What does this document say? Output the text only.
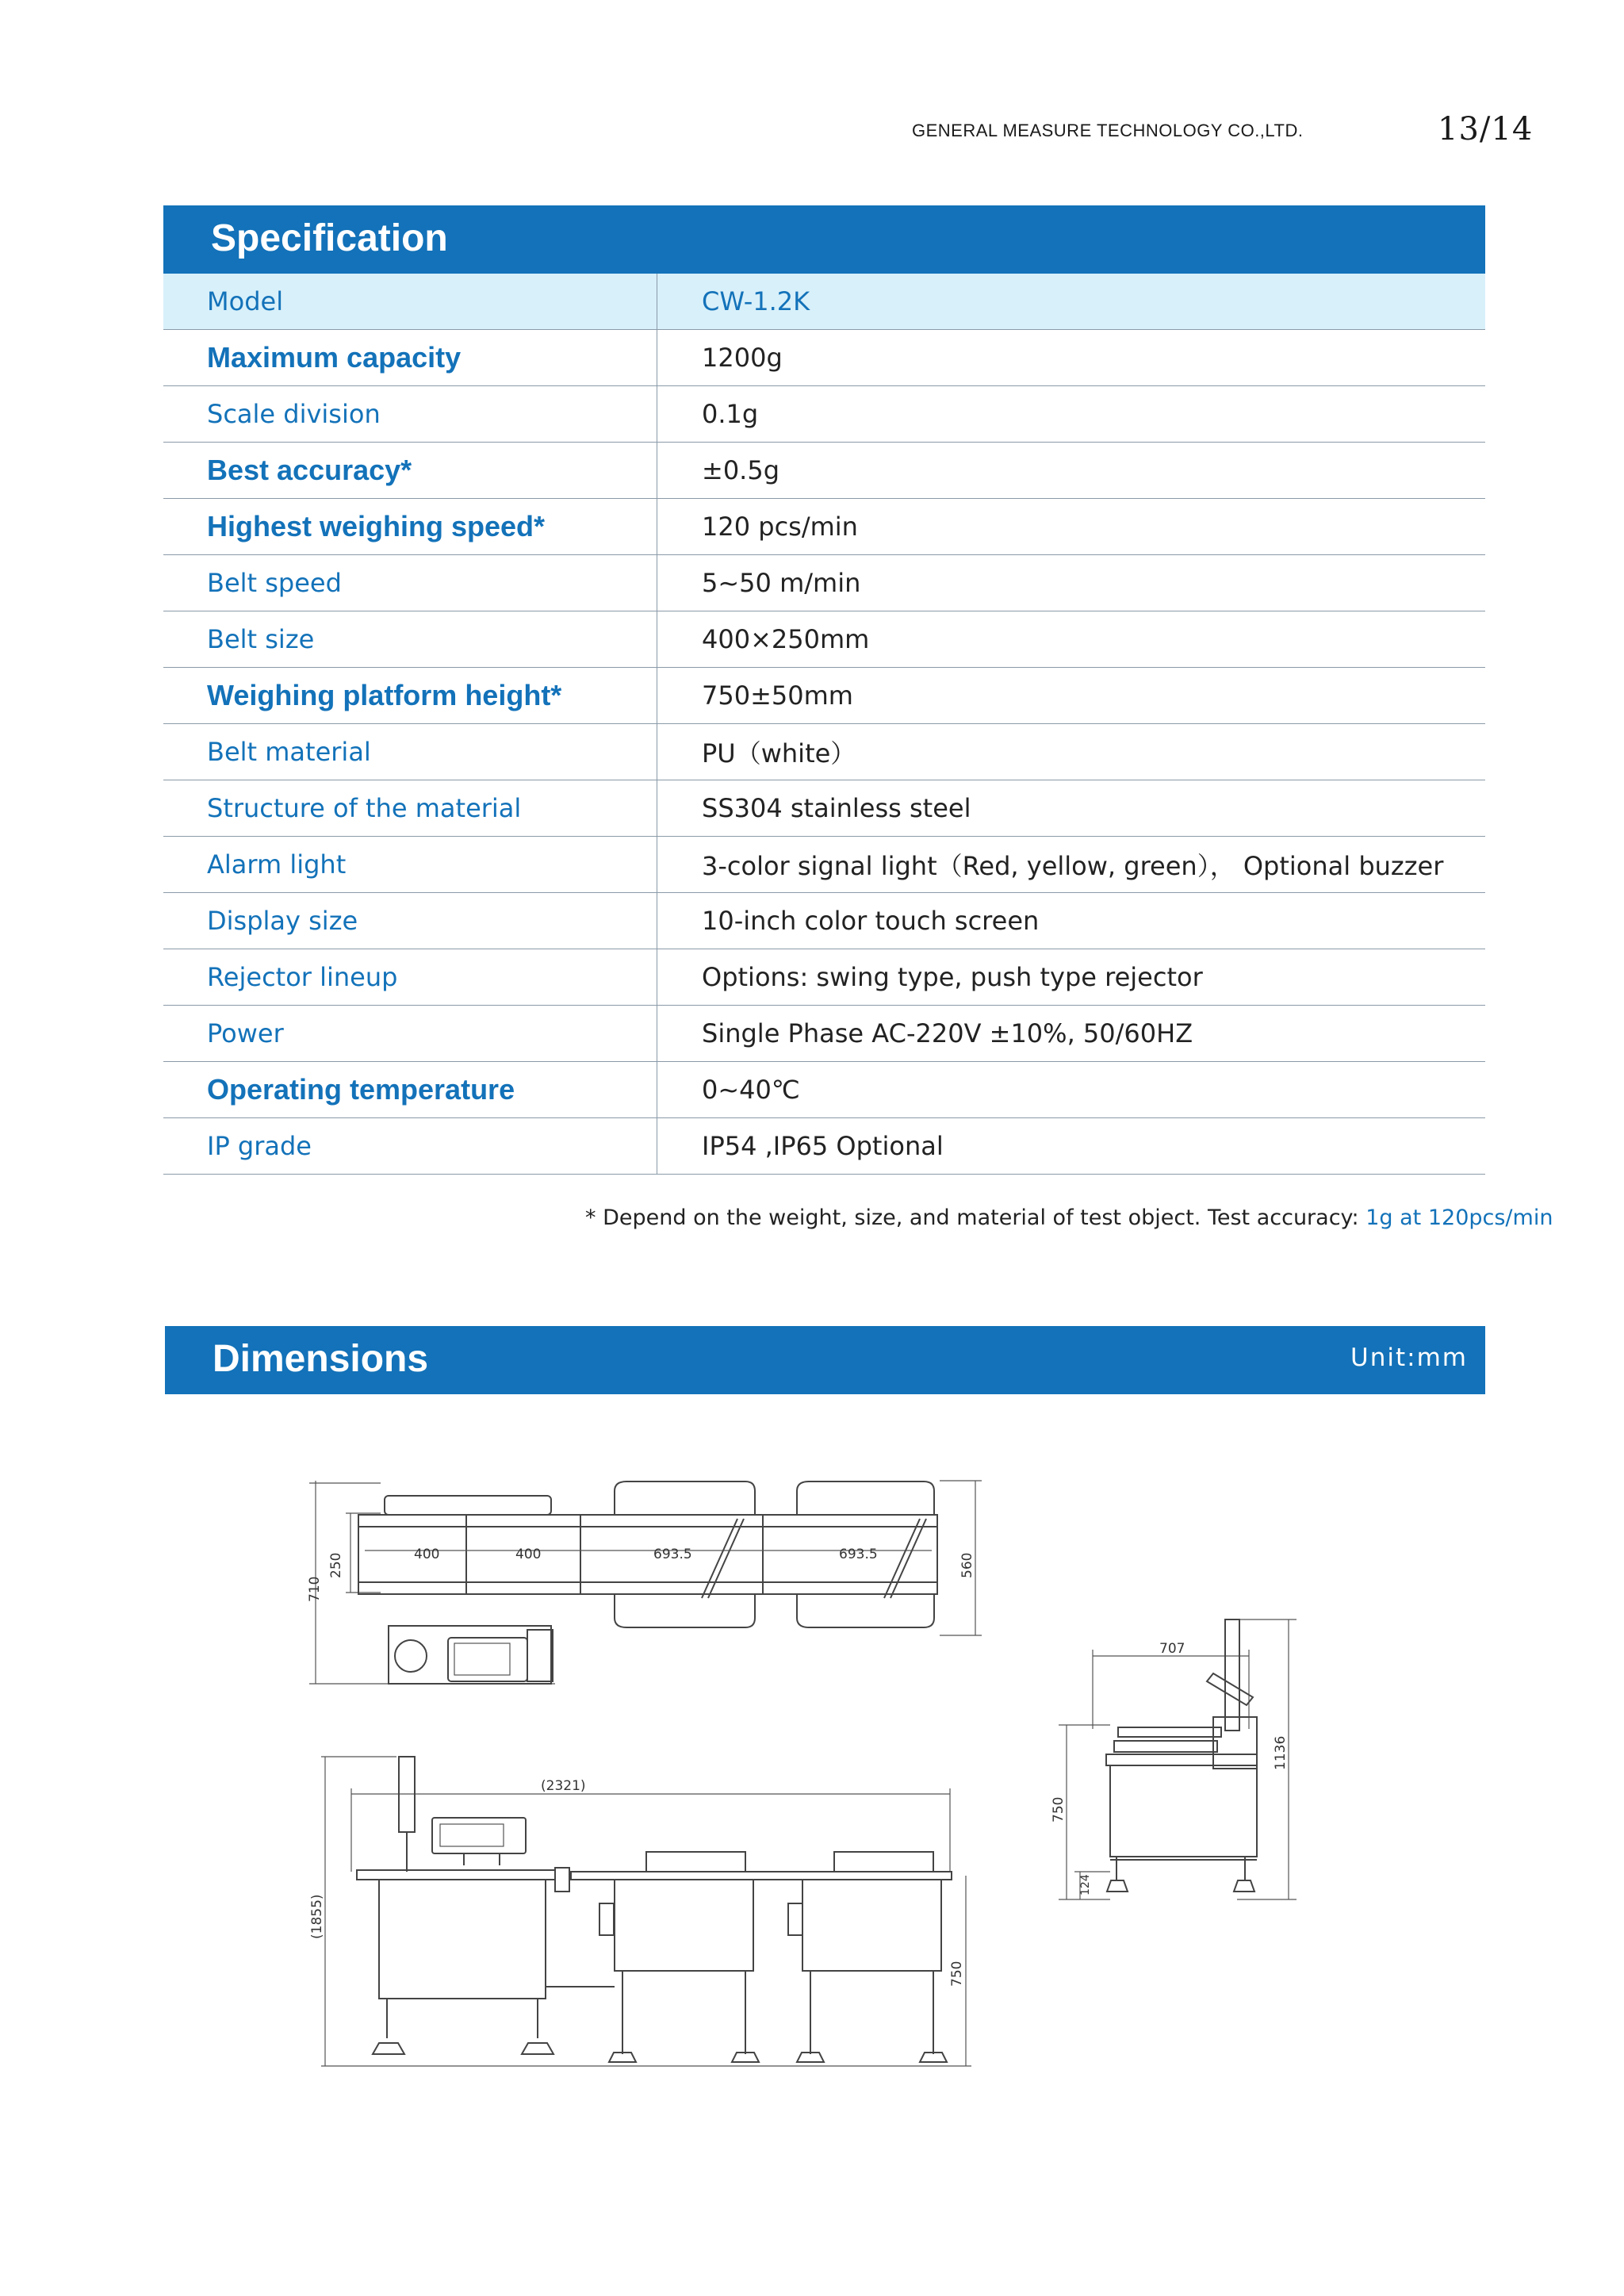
GENERAL MEASURE TECHNOLOGY CO.,LTD.	13/14
Specification
Model	CW-1.2K
Maximum capacity	1200g
Scale division	0.1g
Best accuracy*	±0.5g
Highest weighing speed*	120 pcs/min
Belt speed	5~50 m/min
Belt size	400×250mm
Weighing platform height*	750±50mm
Belt material	PU（white）
Structure of the material	SS304 stainless steel
Alarm light	3-color signal light（Red, yellow, green）， Optional buzzer
Display size	10-inch color touch screen
Rejector lineup	Options: swing type, push type rejector
Power	Single Phase AC-220V ±10%, 50/60HZ
Operating temperature	0~40℃
IP grade	IP54 ,IP65 Optional
* Depend on the weight, size, and material of test object. Test accuracy: 1g at 120pcs/min
Dimensions	Unit:mm
400	400	693.5	693.5
710
250	560
(2321)
(1855)
750
707
1136
750
124
